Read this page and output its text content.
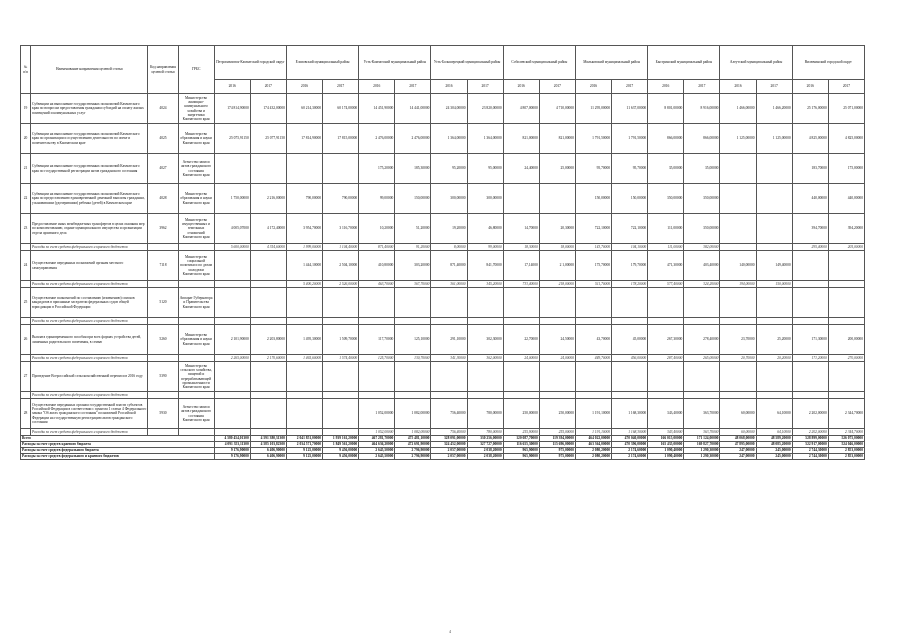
№ п/п	Наименование направления целевой статьи	Код направления целевой статьи	ГРБС	Петропавловск-Камчатский городской округ		Елизовский муниципальный район		Усть-Камчатский муниципальный район		Усть-Большерецкий муниципальный район		Соболевский муниципальный район		Мильковский муниципальный район		Быстринский муниципальный район		Алеутский муниципальный район		Вилючинский городской округ	
				2016	2017	2016	2017	2016	2017	2016	2017	2016	2017	2016	2017	2016	2017	2016	2017	2016	2017
19	Субвенции на выполнение государственных полномочий Камчатского края по вопросам предоставления гражданам субсидий на оплату жилых помещений и коммунальных услуг	4024	Министерство жилищно-коммунального хозяйства и энергетики Камчатского края	174 814,90000	174 432,00000	60 214,30000	60 174,00000	14 451,90000	14 441,00000	24 304,00000	23 820,00000	4 807,00000	4 710,00000	11 295,00000	11 637,00000	8 801,00000	8 916,00000	1 466,00000	1 466,20000	25 176,00000	25 071,00000
20	Субвенции на выполнение государственных полномочий Камчатского края по организации и осуществлению деятельности по опеке и попечительству в Камчатском крае	4025	Министерство образования и науки Камчатского края	25 075,91150	25 077,91150	17 814,90000	17 815,00000	2 476,00000	2 476,00000	1 364,00000	1 364,00000	821,00000	821,00000	1 791,50000	1 791,50000	866,00000	866,00000	1 125,00000	1 125,00000	4 825,00000	4 825,00000
21	Субвенции на выполнение государственных полномочий Камчатского края по государственной регистрации актов гражданского состояния	4027	Агентство записи актов гражданского состояния Камчатского края					175,20000	185,30000	95,20000	95,00000	24,40000	25,00000	95,70000	95,70000	35,00000	35,00000			183,70000	175,00000
22	Субвенции на выполнение государственных полномочий Камчатского края по предоставлению единовременной денежной выплаты гражданам, усыновившим (удочерившим) ребенка (детей) в Камчатском крае	4028	Министерство образования и науки Камчатского края	1 750,00000	2 216,00000	790,00000	790,00000	99,00000	150,00000	300,00000	300,00000			150,00000	150,00000	350,00000	350,00000			440,00000	440,00000
23	Предоставление иных межбюджетных трансфертов в целях оказания мер по комплектованию, охране муниципального имущества и организации отдела архивного дела	3962	Министерство имущественных и земельных отношений Камчатского края	4 005,07000	4 172,40000	3 954,70000	3 116,70000	10,20000	51,20000	19,20000	46,80000	14,70000	20,30000	722,10000	722,10000	111,00000	350,00000			394,70000	394,20000
	Расходы за счет средств федерального и краевого бюджетов			5 600,00000	4 354,60000	1 999,00000	1 104,40000	871,40000	91,20000	8,00000	99,00000	18,30000	18,00000	143,70000	104,10000	111,00000	382,00000			295,40000	205,00000
24	Осуществление переданных полномочий органам местного самоуправления	7118	Министерство социальной политики и по делам молодежи Камчатского края			1 444,10000	2 504,10000	410,80000	303,20000	871,40000	841,70000	17,14000	2 1,00000	175,70000	179,70000	471,30000	403,40000	140,00000	149,40000		
	Расходы за счет средств федерального и краевого бюджетов					5 400,20000	2 526,00000	463,70000	367,70000	361,00000	345,20000	733,40000	218,00000	511,70000	178,20000	577,40000	324,20000	194,00000	150,00000		
25	Осуществление полномочий по составлению (изменению) списков кандидатов в присяжные заседатели федеральных судов общей юрисдикции в Российской Федерации	5120	Аппарат Губернатора и Правительства Камчатского края																		
	Расходы за счет средств федерального и краевого бюджетов																				
26	Выплата единовременного пособия при всех формах устройства детей, лишенных родительского попечения, в семью	5260	Министерство образования и науки Камчатского края	2 101,90000	2 203,80000	1 495,30000	1 509,70000	117,70000	125,10000	291,10000	302,30000	22,70000	24,50000	43,70000	45,00000	267,30000	278,40000	23,70000	25,20000	171,30000	200,00000
	Расходы за счет средств федерального и краевого бюджетов			2 265,00000	2 170,60000	1 465,60000	1 574,40000	125,70000	130,70000	341,30000	362,00000	24,00000	24,00000	449,70000	456,00000	287,40000	265,00000	20,70000	20,20000	171,20000	270,00000
27	Проведение Всероссийской сельскохозяйственной переписи в 2016 году	5390	Министерство сельского хозяйства, пищевой и перерабатывающей промышленности Камчатского края																		
	Расходы за счет средств федерального и краевого бюджетов																				
28	Осуществление переданных органам государственной власти субъектов Российской Федерации в соответствии с пунктом 1 статьи 4 Федерального закона "Об актах гражданского состояния" полномочий Российской Федерации на государственную регистрацию актов гражданского состояния	5930	Агентство записи актов гражданского состояния Камчатского края					1 052,00000	1 082,00000	756,40000	780,00000	250,00000	250,00000	1 191,10000	1 168,30000	343,40000	363,70000	60,00000	64,10000	2 202,00000	2 344,70000
	Расходы за счет средств федерального и краевого бюджетов							1 052,00000	1 082,00000	756,40000	780,00000	255,90000	255,00000	1 191,10000	1 168,30000	343,40000	363,70000	60,00000	64,10000	2 202,00000	2 344,70000
Всего				4 580 454,01300	4 591 380,31300	2 041 851,00000	1 939 161,20000	467 281,70000	475 481,10000	328 091,00000	330 256,00000	120 087,70000	119 394,00000	464 022,00000	470 040,00000	166 015,00000	171 124,00000	48 068,00000	48 589,20000	528 899,00000	526 075,00000
Расходы за счет средств краевого бюджета				4 091 353,11300	4 585 103,82300	2 034 571,70000	1 849 561,20000	464 636,20000	472 691,90000	324 452,00000	327 727,00000	116 655,30000	115 696,00000	463 364,00000	470 396,00000	165 435,00000	169 827,70000	47 895,00000	48 085,20000	522 917,00000	524 046,00000
Расходы за счет средств федерального бюджета				9 176,90000	6 406,90000	9 125,00000	9 456,00000	2 645,50000	2 796,90000	2 057,00000	2 038,20000	965,90000	975,00000	2 080,20000	2 174,60000	1 090,40000	1 290,30000	247,00000	245,00000	2 744,30000	2 853,00000
Расходы за счет средств федерального и краевого бюджетов				9 176,90000	6 406,90000	9 125,00000	9 456,00000	2 645,50000	2 796,90000	2 057,00000	2 038,20000	965,90000	975,00000	2 080,20000	2 174,60000	1 090,40000	1 290,30000	247,00000	245,00000	2 744,30000	2 853,00000
4
